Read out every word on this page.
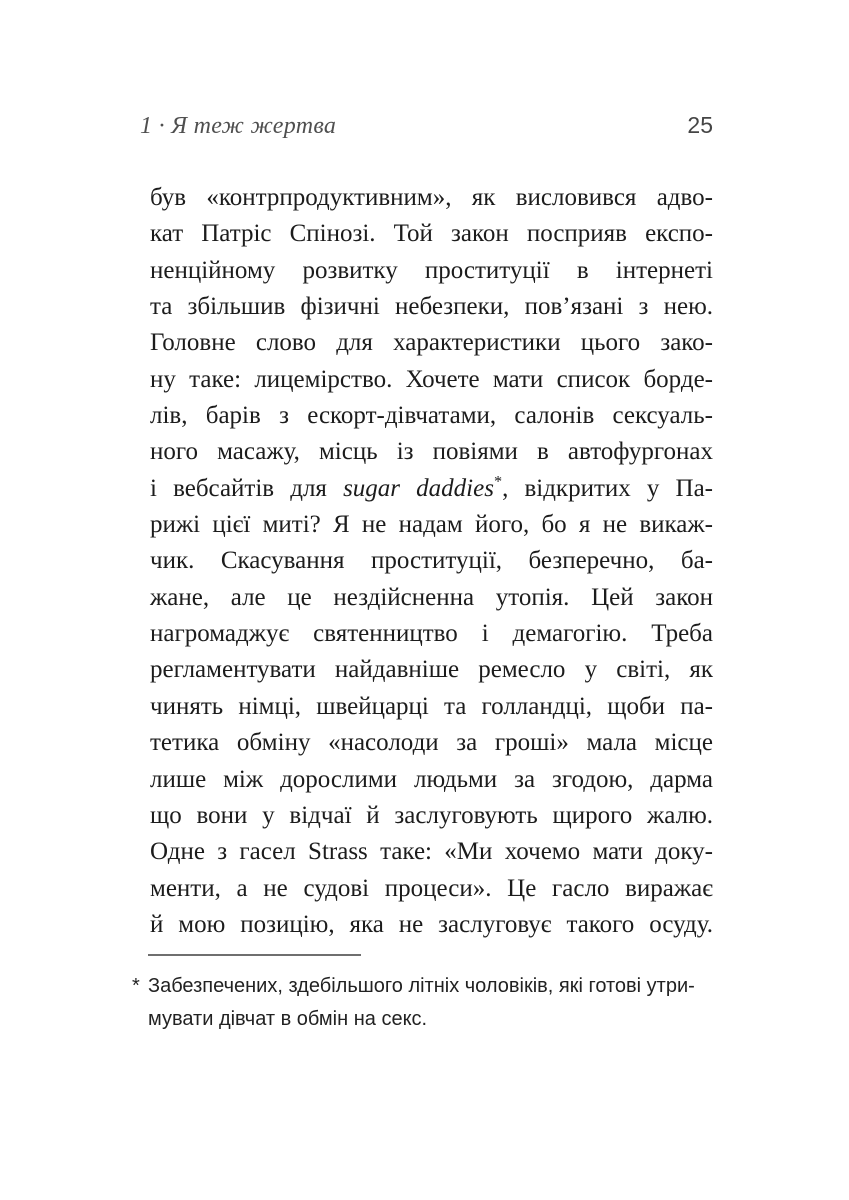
1 · Я теж жертва	25
був «контрпродуктивним», як висловився адво-
кат Патріс Спінозі. Той закон посприяв експо-
ненційному розвитку проституції в інтернеті
та збільшив фізичні небезпеки, пов’язані з нею.
Головне слово для характеристики цього зако-
ну таке: лицемірство. Хочете мати список борде-
лів, барів з ескорт-дівчатами, салонів сексуаль-
ного масажу, місць із повіями в автофургонах
і вебсайтів для sugar daddies*, відкритих у Па-
рижі цієї миті? Я не надам його, бо я не викаж-
чик. Скасування проституції, безперечно, ба-
жане, але це нездійсненна утопія. Цей закон
нагромаджує святенництво і демагогію. Треба
регламентувати найдавніше ремесло у світі, як
чинять німці, швейцарці та голландці, щоби па-
тетика обміну «насолоди за гроші» мала місце
лише між дорослими людьми за згодою, дарма
що вони у відчаї й заслуговують щирого жалю.
Одне з гасел Strass таке: «Ми хочемо мати доку-
менти, а не судові процеси». Це гасло виражає
й мою позицію, яка не заслуговує такого осуду.
* Забезпечених, здебільшого літніх чоловіків, які готові утри-
мувати дівчат в обмін на секс.
